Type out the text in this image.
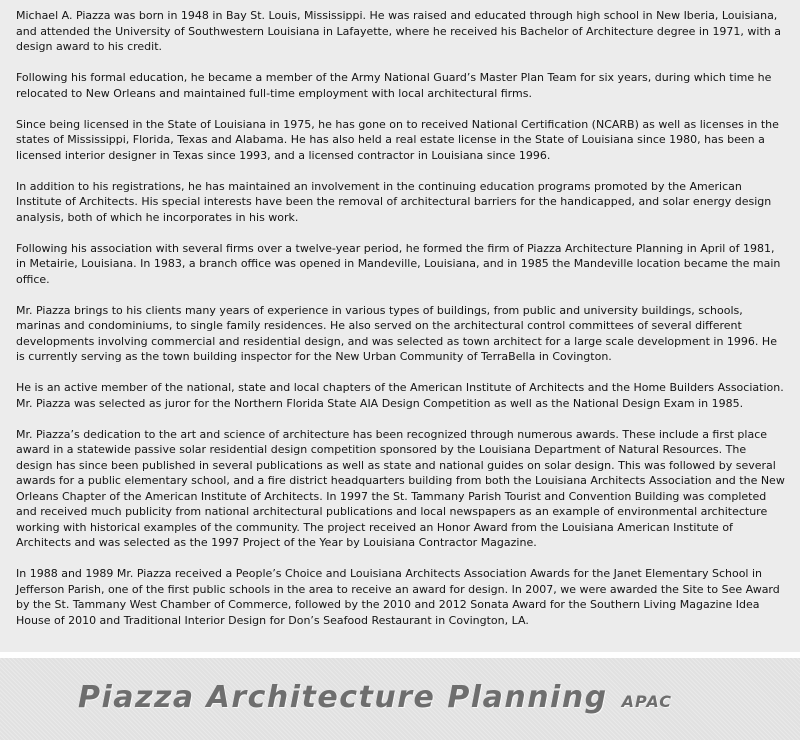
Michael A. Piazza was born in 1948 in Bay St. Louis, Mississippi. He was raised and educated through high school in New Iberia, Louisiana, and attended the University of Southwestern Louisiana in Lafayette, where he received his Bachelor of Architecture degree in 1971, with a design award to his credit.

Following his formal education, he became a member of the Army National Guard’s Master Plan Team for six years, during which time he relocated to New Orleans and maintained full-time employment with local architectural firms.

Since being licensed in the State of Louisiana in 1975, he has gone on to received National Certification (NCARB) as well as licenses in the states of Mississippi, Florida, Texas and Alabama. He has also held a real estate license in the State of Louisiana since 1980, has been a licensed interior designer in Texas since 1993, and a licensed contractor in Louisiana since 1996.

In addition to his registrations, he has maintained an involvement in the continuing education programs promoted by the American Institute of Architects. His special interests have been the removal of architectural barriers for the handicapped, and solar energy design analysis, both of which he incorporates in his work.

Following his association with several firms over a twelve-year period, he formed the firm of Piazza Architecture Planning in April of 1981, in Metairie, Louisiana. In 1983, a branch office was opened in Mandeville, Louisiana, and in 1985 the Mandeville location became the main office.

Mr. Piazza brings to his clients many years of experience in various types of buildings, from public and university buildings, schools, marinas and condominiums, to single family residences. He also served on the architectural control committees of several different developments involving commercial and residential design, and was selected as town architect for a large scale development in 1996. He is currently serving as the town building inspector for the New Urban Community of TerraBella in Covington.

He is an active member of the national, state and local chapters of the American Institute of Architects and the Home Builders Association. Mr. Piazza was selected as juror for the Northern Florida State AIA Design Competition as well as the National Design Exam in 1985.

Mr. Piazza’s dedication to the art and science of architecture has been recognized through numerous awards. These include a first place award in a statewide passive solar residential design competition sponsored by the Louisiana Department of Natural Resources. The design has since been published in several publications as well as state and national guides on solar design. This was followed by several awards for a public elementary school, and a fire district headquarters building from both the Louisiana Architects Association and the New Orleans Chapter of the American Institute of Architects. In 1997 the St. Tammany Parish Tourist and Convention Building was completed and received much publicity from national architectural publications and local newspapers as an example of environmental architecture working with historical examples of the community. The project received an Honor Award from the Louisiana American Institute of Architects and was selected as the 1997 Project of the Year by Louisiana Contractor Magazine.

In 1988 and 1989 Mr. Piazza received a People’s Choice and Louisiana Architects Association Awards for the Janet Elementary School in Jefferson Parish, one of the first public schools in the area to receive an award for design. In 2007, we were awarded the Site to See Award by the St. Tammany West Chamber of Commerce, followed by the 2010 and 2012 Sonata Award for the Southern Living Magazine Idea House of 2010 and Traditional Interior Design for Don’s Seafood Restaurant in Covington, LA.

Piazza Architecture Planning APAC
